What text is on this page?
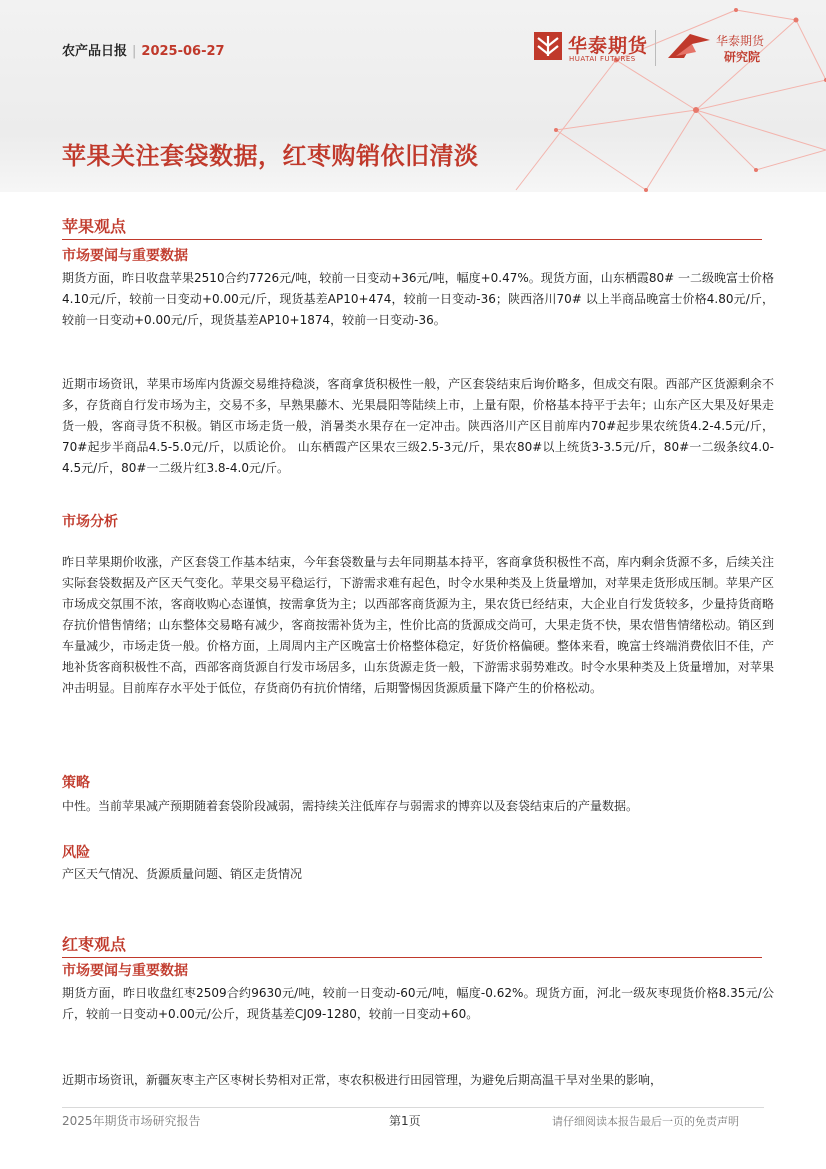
农产品日报 | 2025-06-27	华泰期货
HUATAI FUTURES
华泰期货
研究院
苹果关注套袋数据，红枣购销依旧清淡
苹果观点
市场要闻与重要数据

期货方面，昨日收盘苹果2510合约7726元/吨，较前一日变动+36元/吨，幅度+0.47%。现货方面，山东栖霞80# 一二级晚富士价格4.10元/斤，较前一日变动+0.00元/斤，现货基差AP10+474，较前一日变动-36；陕西洛川70# 以上半商品晚富士价格4.80元/斤，较前一日变动+0.00元/斤，现货基差AP10+1874，较前一日变动-36。

近期市场资讯，苹果市场库内货源交易维持稳淡，客商拿货积极性一般，产区套袋结束后询价略多，但成交有限。西部产区货源剩余不多，存货商自行发市场为主，交易不多，早熟果藤木、光果晨阳等陆续上市，上量有限，价格基本持平于去年；山东产区大果及好果走货一般，客商寻货不积极。销区市场走货一般，消暑类水果存在一定冲击。陕西洛川产区目前库内70#起步果农统货4.2-4.5元/斤，70#起步半商品4.5-5.0元/斤，以质论价。 山东栖霞产区果农三级2.5-3元/斤，果农80#以上统货3-3.5元/斤，80#一二级条纹4.0-4.5元/斤，80#一二级片红3.8-4.0元/斤。

市场分析

昨日苹果期价收涨，产区套袋工作基本结束，今年套袋数量与去年同期基本持平，客商拿货积极性不高，库内剩余货源不多，后续关注实际套袋数据及产区天气变化。苹果交易平稳运行，下游需求难有起色，时令水果种类及上货量增加，对苹果走货形成压制。苹果产区市场成交氛围不浓，客商收购心态谨慎，按需拿货为主；以西部客商货源为主，果农货已经结束，大企业自行发货较多，少量持货商略存抗价惜售情绪；山东整体交易略有减少，客商按需补货为主，性价比高的货源成交尚可，大果走货不快，果农惜售情绪松动。销区到车量减少，市场走货一般。价格方面，上周周内主产区晚富士价格整体稳定，好货价格偏硬。整体来看，晚富士终端消费依旧不佳，产地补货客商积极性不高，西部客商货源自行发市场居多，山东货源走货一般，下游需求弱势难改。时令水果种类及上货量增加，对苹果冲击明显。目前库存水平处于低位，存货商仍有抗价情绪，后期警惕因货源质量下降产生的价格松动。

策略

中性。当前苹果减产预期随着套袋阶段减弱，需持续关注低库存与弱需求的博弈以及套袋结束后的产量数据。

风险

产区天气情况、货源质量问题、销区走货情况

红枣观点
市场要闻与重要数据

期货方面，昨日收盘红枣2509合约9630元/吨，较前一日变动-60元/吨，幅度-0.62%。现货方面，河北一级灰枣现货价格8.35元/公斤，较前一日变动+0.00元/公斤，现货基差CJ09-1280，较前一日变动+60。

近期市场资讯，新疆灰枣主产区枣树长势相对正常，枣农积极进行田园管理，为避免后期高温干旱对坐果的影响，

2025年期货市场研究报告	第1页	请仔细阅读本报告最后一页的免责声明
